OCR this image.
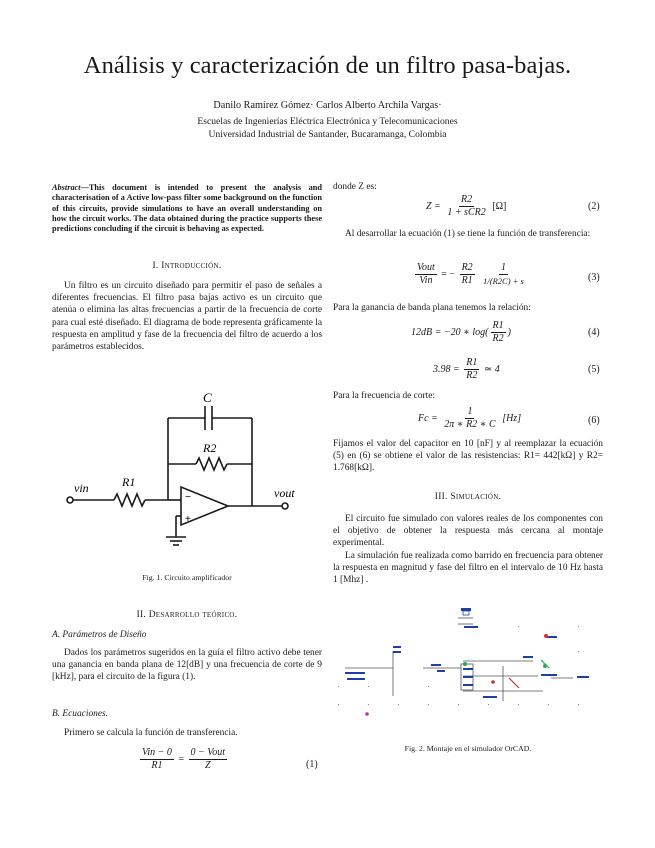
Análisis y caracterización de un filtro pasa-bajas.
Danilo Ramírez Gómez· Carlos Alberto Archila Vargas·
Escuelas de Ingenierías Eléctrica Electrónica y Telecomunicaciones
Universidad Industrial de Santander, Bucaramanga, Colombia
Abstract—This document is intended to present the analysis and characterisation of a Active low-pass filter some background on the function of this circuits, provide simulations to have an overall understanding on how the circuit works. The data obtained during the practice supports these predictions concluding if the circuit is behaving as expected.
I. Introducción.
Un filtro es un circuito diseñado para permitir el paso de señales a diferentes frecuencias. El filtro pasa bajas activo es un circuito que atenúa o elimina las altas frecuencias a partir de la frecuencia de corte para cual esté diseñado. El diagrama de bode representa gráficamente la respuesta en amplitud y fase de la frecuencia del filtro de acuerdo a los parámetros establecidos.
−
+
C
R2
R1
vin	vout
Fig. 1. Circuito amplificador
II. Desarrollo teórico.
A. Parámetros de Diseño
Dados los parámetros sugeridos en la guía el filtro activo debe tener una ganancia en banda plana de 12[dB] y una frecuencia de corte de 9 [kHz], para el circuito de la figura (1).
B. Ecuaciones.
Primero se calcula la función de transferencia.
$\frac{\text{Vin − 0}}{R1} = \frac{\text{0 − Vout}}{Z}$	(1)
donde Z es:
$Z = \frac{R2}{\text{1 + sCR2}} [\Omega]$	(2)
Al desarrollar la ecuación (1) se tiene la función de transferencia:
$\frac{\text{Vout}}{\text{Vin}}$ = − $\frac{R2}{R1}$
$\frac{1}{1/(R2C) + s}$	(3)
Para la ganancia de banda plana tenemos la relación:
12dB = −20 ∗ $\log( \frac{R1}{R2}$ )	(4)
$3.98 = \frac{R1}{R2}$ ≃ 4	(5)
Para la frecuencia de corte:
$Fc = \frac{1}{2\pi ∗ R2 ∗ C} [Hz]$	(6)
Fijamos el valor del capacitor en 10 [nF] y al reemplazar la ecuación (5) en (6) se obtiene el valor de las resistencias: R1= 442[kΩ] y R2= 1.768[kΩ].
III. Simulación.
El circuito fue simulado con valores reales de los componentes con el objetivo de obtener la respuesta más cercana al montaje experimental.
La simulación fue realizada como barrido en frecuencia para obtener la respuesta en magnitud y fase del filtro en el intervalo de 10 Hz hasta 1 [Mhz] .
Fig. 2. Montaje en el simulador OrCAD.
